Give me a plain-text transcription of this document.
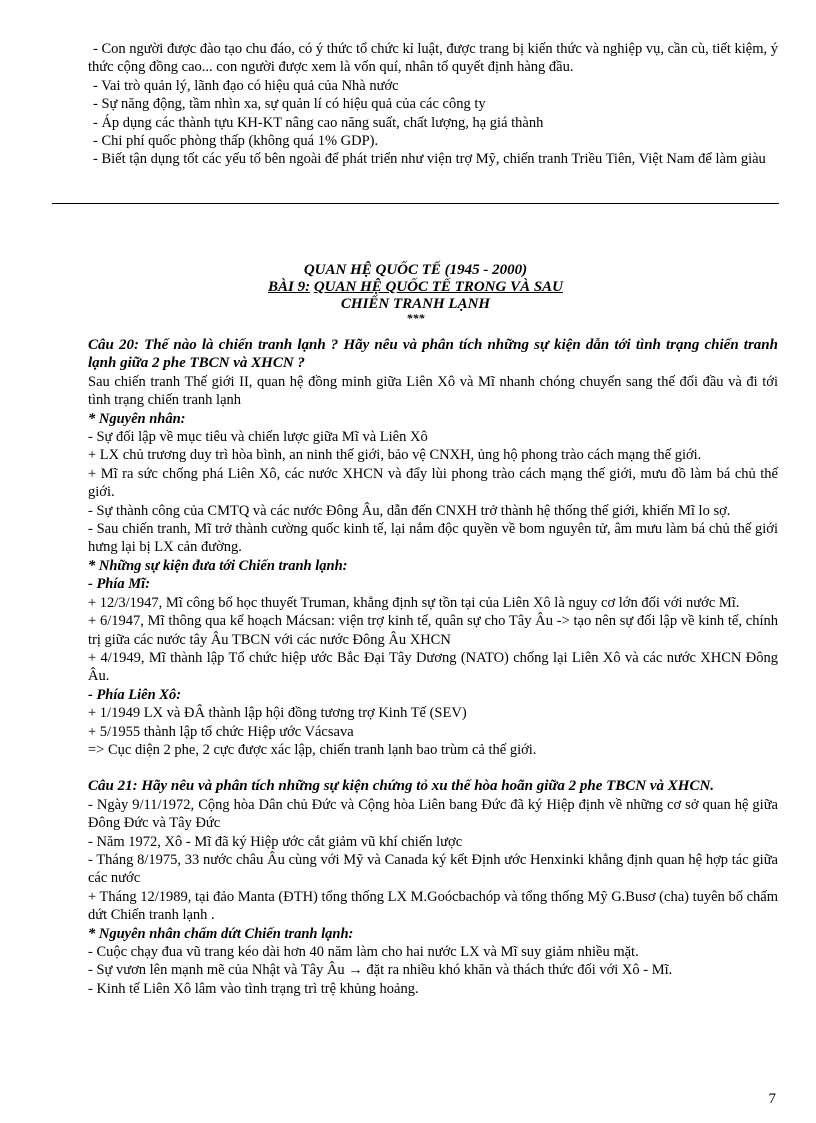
- Con người được đào tạo chu đáo, có ý thức tổ chức kỉ luật, được trang bị kiến thức và nghiệp vụ, cần cù, tiết kiệm, ý thức cộng đồng cao... con người được xem là vốn quí, nhân tố quyết định hàng đầu.

- Vai trò quản lý, lãnh đạo có hiệu quả của Nhà nước

- Sự năng động, tầm nhìn xa, sự quản lí có hiệu quả của các công ty

- Áp dụng các thành tựu KH-KT nâng cao năng suất, chất lượng, hạ giá thành

- Chi phí quốc phòng thấp (không quá 1% GDP).

- Biết tận dụng tốt các yếu tố bên ngoài để phát triển như viện trợ Mỹ, chiến tranh Triều Tiên, Việt Nam để làm giàu

QUAN HỆ QUỐC TẾ (1945 - 2000)
BÀI 9: QUAN HỆ QUỐC TẾ TRONG VÀ SAU
CHIẾN TRANH LẠNH
***

Câu 20: Thế nào là chiến tranh lạnh ? Hãy nêu và phân tích những sự kiện dẫn tới tình trạng chiến tranh lạnh giữa 2 phe TBCN và XHCN ?

Sau chiến tranh Thế giới II, quan hệ đồng minh giữa Liên Xô và Mĩ nhanh chóng chuyển sang thế đối đầu và đi tới tình trạng chiến tranh lạnh

* Nguyên nhân:

- Sự đối lập về mục tiêu và chiến lược giữa Mĩ và Liên Xô

+ LX chủ trương duy trì hòa bình, an ninh thế giới, bảo vệ CNXH, ủng hộ phong trào cách mạng thế giới.

+ Mĩ ra sức chống phá Liên Xô, các nước XHCN và đẩy lùi phong trào cách mạng thế giới, mưu đồ làm bá chủ thế giới.

- Sự thành công của CMTQ và các nước Đông Âu, dẫn đến CNXH trở thành hệ thống thế giới, khiến Mĩ lo sợ.

- Sau chiến tranh, Mĩ trở thành cường quốc kinh tế, lại nắm độc quyền về bom nguyên tử, âm mưu làm bá chủ thế giới hưng lại bị LX cản đường.

* Những sự kiện đưa tới Chiến tranh lạnh:

- Phía Mĩ:

+ 12/3/1947, Mĩ công bố học thuyết Truman, khẳng định sự tồn tại của Liên Xô là nguy cơ lớn đối với nước Mĩ.

+ 6/1947, Mĩ thông qua kế hoạch Mácsan: viện trợ kinh tế, quân sự cho Tây Âu -> tạo nên sự đối lập về kinh tế, chính trị giữa các nước tây Âu TBCN với các nước Đông Âu XHCN

+ 4/1949, Mĩ thành lập Tổ chức hiệp ước Bắc Đại Tây Dương (NATO) chống lại Liên Xô và các nước XHCN Đông Âu.

- Phía Liên Xô:

+ 1/1949 LX và ĐÂ thành lập hội đồng tương trợ Kinh Tế (SEV)

+ 5/1955 thành lập tổ chức Hiệp ước Vácsava

=> Cục diện 2 phe, 2 cực được xác lập, chiến tranh lạnh bao trùm cả thế giới.

Câu 21: Hãy nêu và phân tích những sự kiện chứng tỏ xu thế hòa hoãn giữa 2 phe TBCN và XHCN.

- Ngày 9/11/1972, Cộng hòa Dân chủ Đức và Cộng hòa Liên bang Đức đã ký Hiệp định về những cơ sở quan hệ giữa Đông Đức và Tây Đức

- Năm 1972, Xô - Mĩ đã ký Hiệp ước cắt giảm vũ khí chiến lược

- Tháng 8/1975, 33 nước châu Âu cùng với Mỹ và Canada ký kết Định ước Henxinki khẳng định quan hệ hợp tác giữa các nước

+ Tháng 12/1989, tại đảo Manta (ĐTH) tổng thống LX M.Goócbachóp và tổng thống Mỹ G.Busơ (cha) tuyên bố chấm dứt Chiến tranh lạnh .

* Nguyên nhân chấm dứt Chiến tranh lạnh:

- Cuộc chạy đua vũ trang kéo dài hơn 40 năm làm cho hai nước LX và Mĩ suy giảm nhiều mặt.

- Sự vươn lên mạnh mẽ của Nhật và Tây Âu → đặt ra nhiều khó khăn và thách thức đối với Xô - Mĩ.

- Kinh tế Liên Xô lâm vào tình trạng trì trệ khủng hoảng.

7
